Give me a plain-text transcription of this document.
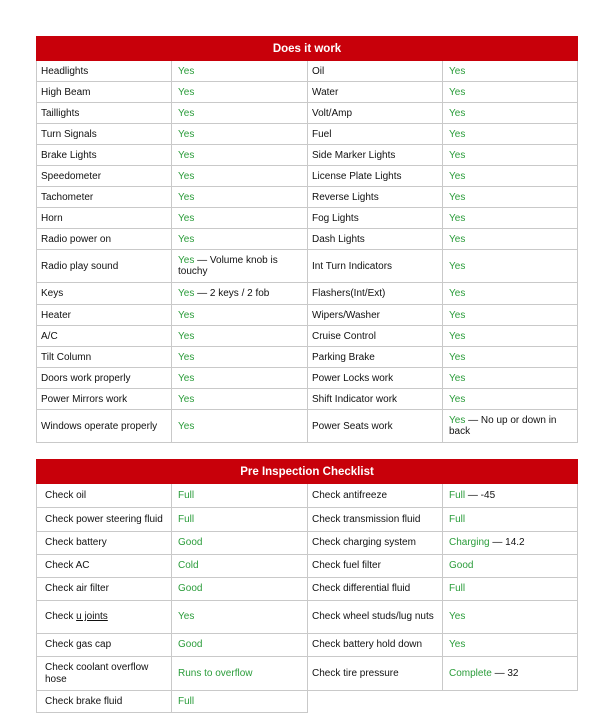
Does it work			
Headlights	Yes	Oil	Yes
High Beam	Yes	Water	Yes
Taillights	Yes	Volt/Amp	Yes
Turn Signals	Yes	Fuel	Yes
Brake Lights	Yes	Side Marker Lights	Yes
Speedometer	Yes	License Plate Lights	Yes
Tachometer	Yes	Reverse Lights	Yes
Horn	Yes	Fog Lights	Yes
Radio power on	Yes	Dash Lights	Yes
Radio play sound	Yes — Volume knob is touchy	Int Turn Indicators	Yes
Keys	Yes — 2 keys / 2 fob	Flashers(Int/Ext)	Yes
Heater	Yes	Wipers/Washer	Yes
A/C	Yes	Cruise Control	Yes
Tilt Column	Yes	Parking Brake	Yes
Doors work properly	Yes	Power Locks work	Yes
Power Mirrors work	Yes	Shift Indicator work	Yes
Windows operate properly	Yes	Power Seats work	Yes — No up or down in back
Pre Inspection Checklist			
Check oil	Full	Check antifreeze	Full — -45
Check power steering fluid	Full	Check transmission fluid	Full
Check battery	Good	Check charging system	Charging — 14.2
Check AC	Cold	Check fuel filter	Good
Check air filter	Good	Check differential fluid	Full
Check u joints	Yes	Check wheel studs/lug nuts	Yes
Check gas cap	Good	Check battery hold down	Yes
Check coolant overflow hose	Runs to overflow	Check tire pressure	Complete — 32
Check brake fluid	Full		
